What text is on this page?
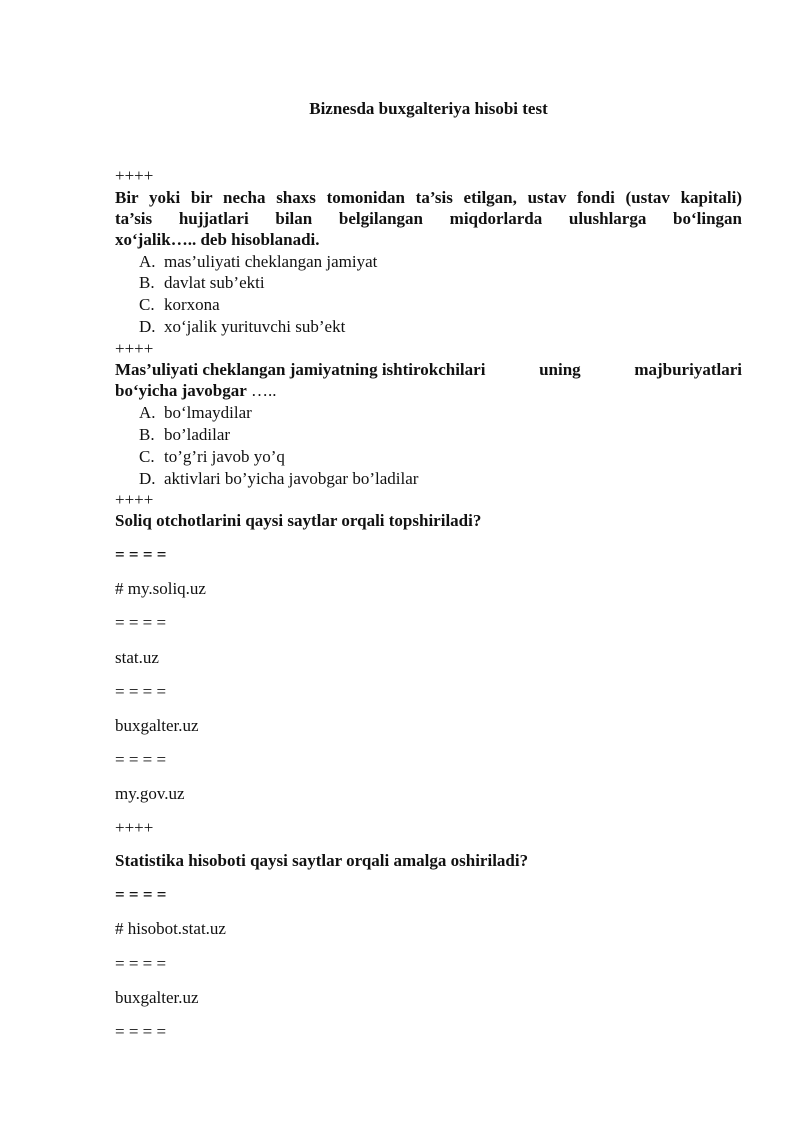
Biznesda buxgalteriya hisobi test
++++
Bir yoki bir necha shaxs tomonidan ta’sis etilgan, ustav fondi (ustav kapitali)
ta’sis hujjatlari bilan belgilangan miqdorlarda ulushlarga bo‘lingan
xo‘jalik….. deb hisoblanadi.
A. mas’uliyati cheklangan jamiyat
B. davlat sub’ekti
C. korxona
D. xo‘jalik yurituvchi sub’ekt
++++
Mas’uliyati cheklangan jamiyatning ishtirokchilari	uning	majburiyatlari
bo‘yicha javobgar …..
A. bo‘lmaydilar
B. bo’ladilar
C. to’g’ri javob yo’q
D. aktivlari bo’yicha javobgar bo’ladilar
++++
Soliq otchotlarini qaysi saytlar orqali topshiriladi?
= = = =
# my.soliq.uz
= = = =
stat.uz
= = = =
buxgalter.uz
= = = =
my.gov.uz
++++
Statistika hisoboti qaysi saytlar orqali amalga oshiriladi?
= = = =
# hisobot.stat.uz
= = = =
buxgalter.uz
= = = =
